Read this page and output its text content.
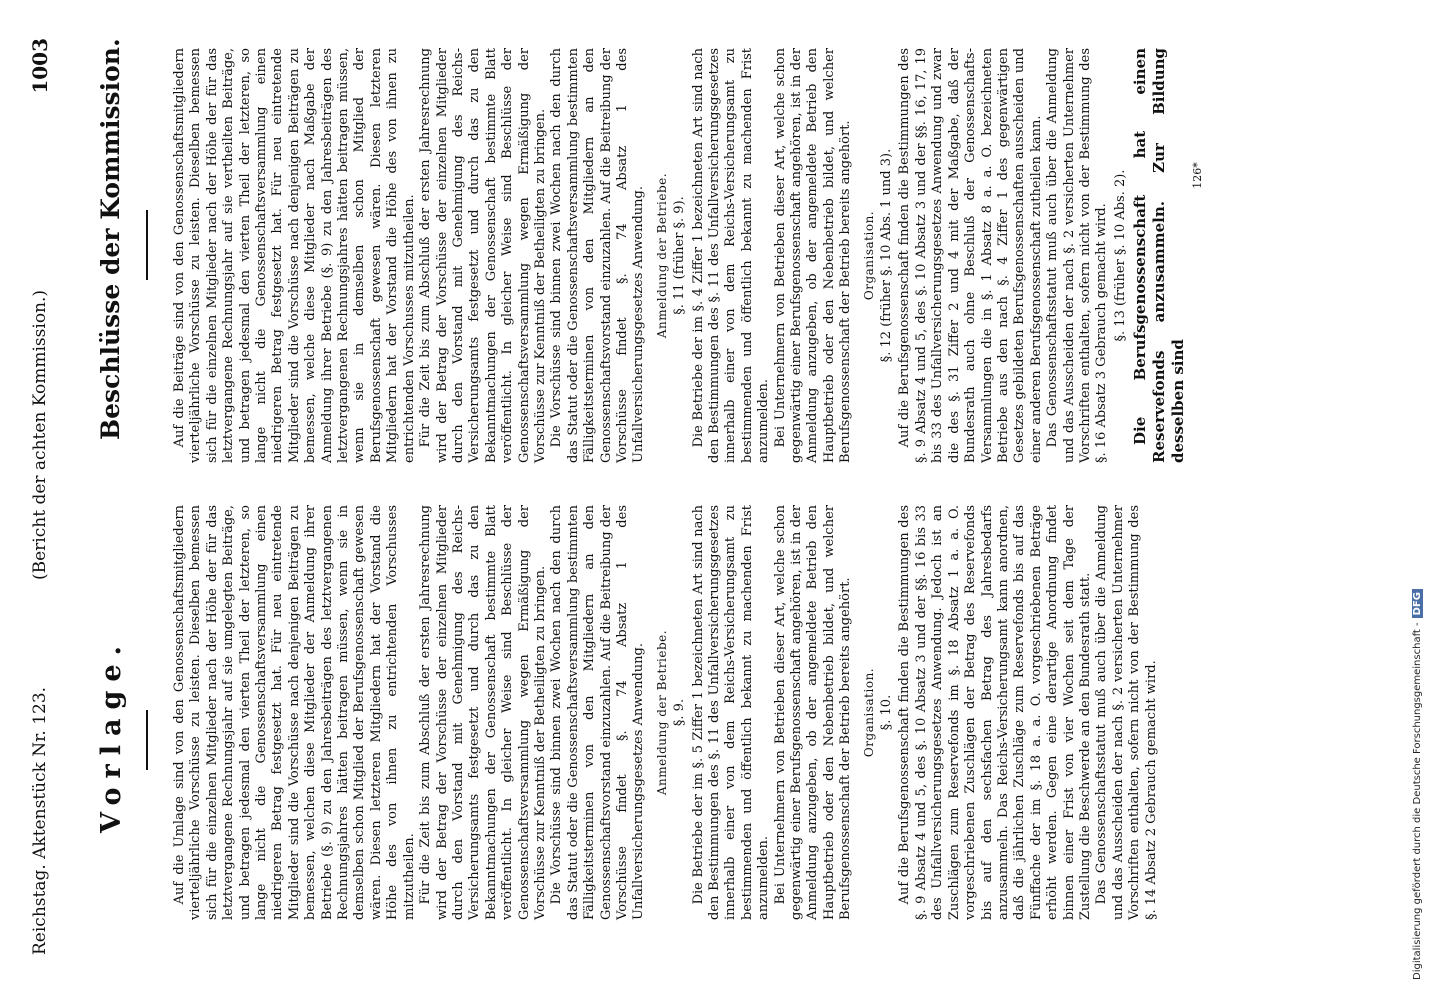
Reichstag. Aktenstück Nr. 123.
(Bericht der achten Kommission.)
1003
Vorlage.
Beschlüsse der Kommission.

Auf die Umlage sind von den Genossenschaftsmitgliedern vierteljährliche Vorschüsse zu leisten. Dieselben bemessen sich für die einzelnen Mitglieder nach der Höhe der für das letztvergangene Rechnungsjahr auf sie umgelegten Beiträge, und betragen jedesmal den vierten Theil der letzteren, so lange nicht die Genossenschaftsversammlung einen niedrigeren Betrag festgesetzt hat. Für neu eintretende Mitglieder sind die Vorschüsse nach denjenigen Beiträgen zu bemessen, welchen diese Mitglieder der Anmeldung ihrer Betriebe (§. 9) zu den Jahresbeiträgen des letztvergangenen Rechnungsjahres hätten beitragen müssen, wenn sie in demselben schon Mitglied der Berufsgenossenschaft gewesen wären. Diesen letzteren Mitgliedern hat der Vorstand die Höhe des von ihnen zu entrichtenden Vorschusses mitzutheilen. Für die Zeit bis zum Abschluß der ersten Jahresrechnung wird der Betrag der Vorschüsse der einzelnen Mitglieder durch den Vorstand mit Genehmigung des Reichs-Versicherungsamts festgesetzt und durch das zu den Bekanntmachungen der Genossenschaft bestimmte Blatt veröffentlicht. In gleicher Weise sind Beschlüsse der Genossenschaftsversammlung wegen Ermäßigung der Vorschüsse zur Kenntniß der Betheiligten zu bringen. Die Vorschüsse sind binnen zwei Wochen nach den durch das Statut oder die Genossenschaftsversammlung bestimmten Fälligkeitsterminen von den Mitgliedern an den Genossenschaftsvorstand einzuzahlen. Auf die Beitreibung der Vorschüsse findet §. 74 Absatz 1 des Unfallversicherungsgesetzes Anwendung. Anmeldung der Betriebe. §. 9. Die Betriebe der im §. 5 Ziffer 1 bezeichneten Art sind nach den Bestimmungen des §. 11 des Unfallversicherungsgesetzes innerhalb einer von dem Reichs-Versicherungsamt zu bestimmenden und öffentlich bekannt zu machenden Frist anzumelden. Bei Unternehmern von Betrieben dieser Art, welche schon gegenwärtig einer Berufsgenossenschaft angehören, ist in der Anmeldung anzugeben, ob der angemeldete Betrieb den Hauptbetrieb oder den Nebenbetrieb bildet, und welcher Berufsgenossenschaft der Betrieb bereits angehört. Organisation. §. 10. Auf die Berufsgenossenschaft finden die Bestimmungen des §. 9 Absatz 4 und 5, des §. 10 Absatz 3 und der §§. 16 bis 33 des Unfallversicherungsgesetzes Anwendung. Jedoch ist an Zuschlägen zum Reservefonds im §. 18 Absatz 1 a. a. O. vorgeschriebenen Zuschlägen der Betrag des Reservefonds bis auf den sechsfachen Betrag des Jahresbedarfs anzusammeln. Das Reichs-Versicherungsamt kann anordnen, daß die jährlichen Zuschläge zum Reservefonds bis auf das Fünffache der im §. 18 a. a. O. vorgeschriebenen Beträge erhöht werden. Gegen eine derartige Anordnung findet binnen einer Frist von vier Wochen seit dem Tage der Zustellung die Beschwerde an den Bundesrath statt. Das Genossenschaftsstatut muß auch über die Anmeldung und das Ausscheiden der nach §. 2 versicherten Unternehmer Vorschriften enthalten, sofern nicht von der Bestimmung des §. 14 Absatz 2 Gebrauch gemacht wird.

Auf die Beiträge sind von den Genossenschaftsmitgliedern vierteljährliche Vorschüsse zu leisten. Dieselben bemessen sich für die einzelnen Mitglieder nach der Höhe der für das letztvergangene Rechnungsjahr auf sie vertheilten Beiträge, und betragen jedesmal den vierten Theil der letzteren, so lange nicht die Genossenschaftsversammlung einen niedrigeren Betrag festgesetzt hat. Für neu eintretende Mitglieder sind die Vorschüsse nach denjenigen Beiträgen zu bemessen, welche diese Mitglieder nach Maßgabe der Anmeldung ihrer Betriebe (§. 9) zu den Jahresbeiträgen des letztvergangenen Rechnungsjahres hätten beitragen müssen, wenn sie in demselben schon Mitglied der Berufsgenossenschaft gewesen wären. Diesen letzteren Mitgliedern hat der Vorstand die Höhe des von ihnen zu entrichtenden Vorschusses mitzutheilen. Für die Zeit bis zum Abschluß der ersten Jahresrechnung wird der Betrag der Vorschüsse der einzelnen Mitglieder durch den Vorstand mit Genehmigung des Reichs-Versicherungsamts festgesetzt und durch das zu den Bekanntmachungen der Genossenschaft bestimmte Blatt veröffentlicht. In gleicher Weise sind Beschlüsse der Genossenschaftsversammlung wegen Ermäßigung der Vorschüsse zur Kenntniß der Betheiligten zu bringen. Die Vorschüsse sind binnen zwei Wochen nach den durch das Statut oder die Genossenschaftsversammlung bestimmten Fälligkeitsterminen von den Mitgliedern an den Genossenschaftsvorstand einzuzahlen. Auf die Beitreibung der Vorschüsse findet §. 74 Absatz 1 des Unfallversicherungsgesetzes Anwendung. Anmeldung der Betriebe. §. 11 (früher §. 9). Die Betriebe der im §. 4 Ziffer 1 bezeichneten Art sind nach den Bestimmungen des §. 11 des Unfallversicherungsgesetzes innerhalb einer von dem Reichs-Versicherungsamt zu bestimmenden und öffentlich bekannt zu machenden Frist anzumelden. Bei Unternehmern von Betrieben dieser Art, welche schon gegenwärtig einer Berufsgenossenschaft angehören, ist in der Anmeldung anzugeben, ob der angemeldete Betrieb den Hauptbetrieb oder den Nebenbetrieb bildet, und welcher Berufsgenossenschaft der Betrieb bereits angehört. Organisation. §. 12 (früher §. 10 Abs. 1 und 3). Auf die Berufsgenossenschaft finden die Bestimmungen des §. 9 Absatz 4 und 5, des §. 10 Absatz 3 und der §§. 16, 17, 19 bis 33 des Unfallversicherungsgesetzes Anwendung und zwar die des §. 31 Ziffer 2 und 4 mit der Maßgabe, daß der Bundesrath auch ohne Beschluß der Genossenschafts-Versammlungen die in §. 1 Absatz 8 a. a. O. bezeichneten Betriebe aus den nach §. 4 Ziffer 1 des gegenwärtigen Gesetzes gebildeten Berufsgenossenschaften ausscheiden und einer anderen Berufsgenossenschaft zutheilen kann. Das Genossenschaftsstatut muß auch über die Anmeldung und das Ausscheiden der nach §. 2 versicherten Unternehmer Vorschriften enthalten, sofern nicht von der Bestimmung des §. 16 Absatz 3 Gebrauch gemacht wird. §. 13 (früher §. 10 Abs. 2). Die Berufsgenossenschaft hat einen Reservefonds anzusammeln. Zur Bildung desselben sind

126*

Digitalisierung gefördert durch die Deutsche Forschungsgemeinschaft -DFG
